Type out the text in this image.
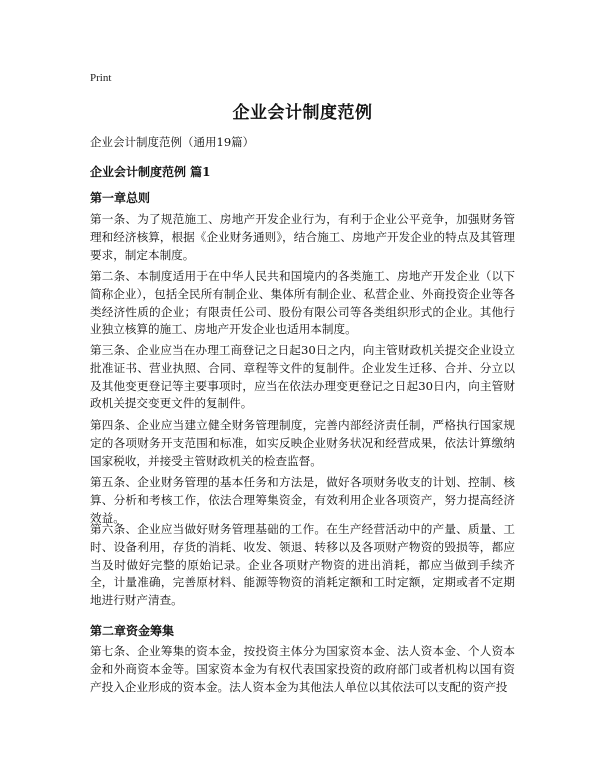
Print
企业会计制度范例
企业会计制度范例（通用19篇）
企业会计制度范例 篇1
第一章总则

第一条、为了规范施工、房地产开发企业行为，有利于企业公平竞争，加强财务管理和经济核算，根据《企业财务通则》，结合施工、房地产开发企业的特点及其管理要求，制定本制度。

第二条、本制度适用于在中华人民共和国境内的各类施工、房地产开发企业（以下简称企业），包括全民所有制企业、集体所有制企业、私营企业、外商投资企业等各类经济性质的企业；有限责任公司、股份有限公司等各类组织形式的企业。其他行业独立核算的施工、房地产开发企业也适用本制度。

第三条、企业应当在办理工商登记之日起30日之内，向主管财政机关提交企业设立批准证书、营业执照、合同、章程等文件的复制件。企业发生迁移、合并、分立以及其他变更登记等主要事项时，应当在依法办理变更登记之日起30日内，向主管财政机关提交变更文件的复制件。

第四条、企业应当建立健全财务管理制度，完善内部经济责任制，严格执行国家规定的各项财务开支范围和标准，如实反映企业财务状况和经营成果，依法计算缴纳国家税收，并接受主管财政机关的检查监督。

第五条、企业财务管理的基本任务和方法是，做好各项财务收支的计划、控制、核算、分析和考核工作，依法合理筹集资金，有效利用企业各项资产，努力提高经济效益。

第六条、企业应当做好财务管理基础的工作。在生产经营活动中的产量、质量、工时、设备利用，存货的消耗、收发、领退、转移以及各项财产物资的毁损等，都应当及时做好完整的原始记录。企业各项财产物资的进出消耗，都应当做到手续齐全，计量准确，完善原材料、能源等物资的消耗定额和工时定额，定期或者不定期地进行财产清查。

第二章资金筹集

第七条、企业筹集的资本金，按投资主体分为国家资本金、法人资本金、个人资本金和外商资本金等。国家资本金为有权代表国家投资的政府部门或者机构以国有资产投入企业形成的资本金。法人资本金为其他法人单位以其依法可以支配的资产投
